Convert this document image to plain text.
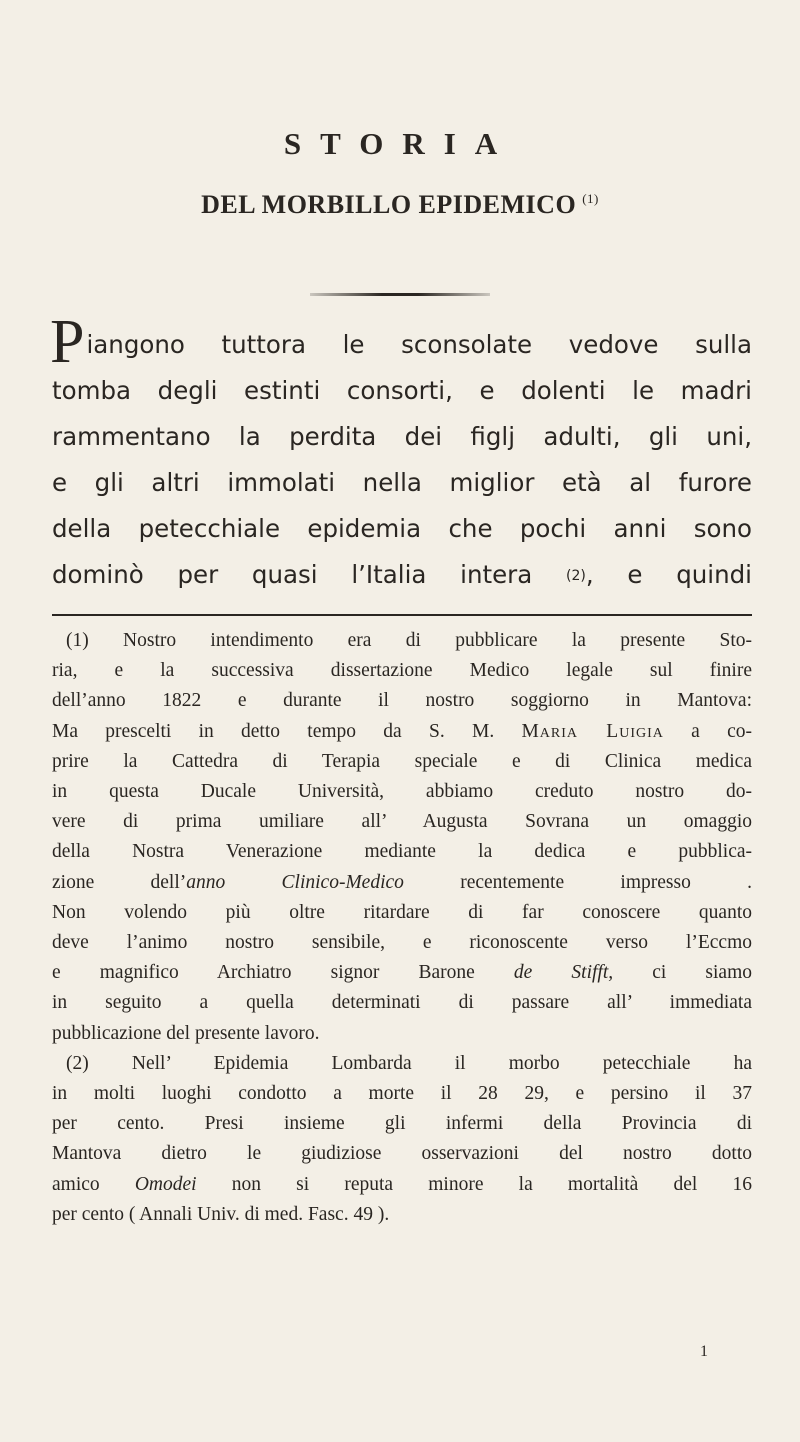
STORIA
DEL MORBILLO EPIDEMICO $^{(1)}$
P iangono tuttora le sconsolate vedove sulla
tomba degli estinti consorti, e dolenti le madri
rammentano la perdita dei figlj adulti, gli uni,
e gli altri immolati nella miglior età al furore
della petecchiale epidemia che pochi anni sono
dominò per quasi l’Italia intera (2), e quindi
(1) Nostro intendimento era di pubblicare la presente Sto-
ria, e la successiva dissertazione Medico legale sul finire
dell’anno 1822 e durante il nostro soggiorno in Mantova:
Ma prescelti in detto tempo da S. M. Maria Luigia a co-
prire la Cattedra di Terapia speciale e di Clinica medica
in questa Ducale Università, abbiamo creduto nostro do-
vere di prima umiliare all’ Augusta Sovrana un omaggio
della Nostra Venerazione mediante la dedica e pubblica-
zione dell’anno Clinico-Medico recentemente impresso .
Non volendo più oltre ritardare di far conoscere quanto
deve l’animo nostro sensibile, e riconoscente verso l’Eccmo
e magnifico Archiatro signor Barone de Stifft, ci siamo
in seguito a quella determinati di passare all’ immediata
pubblicazione del presente lavoro.
(2) Nell’ Epidemia Lombarda il morbo petecchiale ha
in molti luoghi condotto a morte il 28 29, e persino il 37
per cento. Presi insieme gli infermi della Provincia di
Mantova dietro le giudiziose osservazioni del nostro dotto
amico Omodei non si reputa minore la mortalità del 16
per cento ( Annali Univ. di med. Fasc. 49 ).
1
